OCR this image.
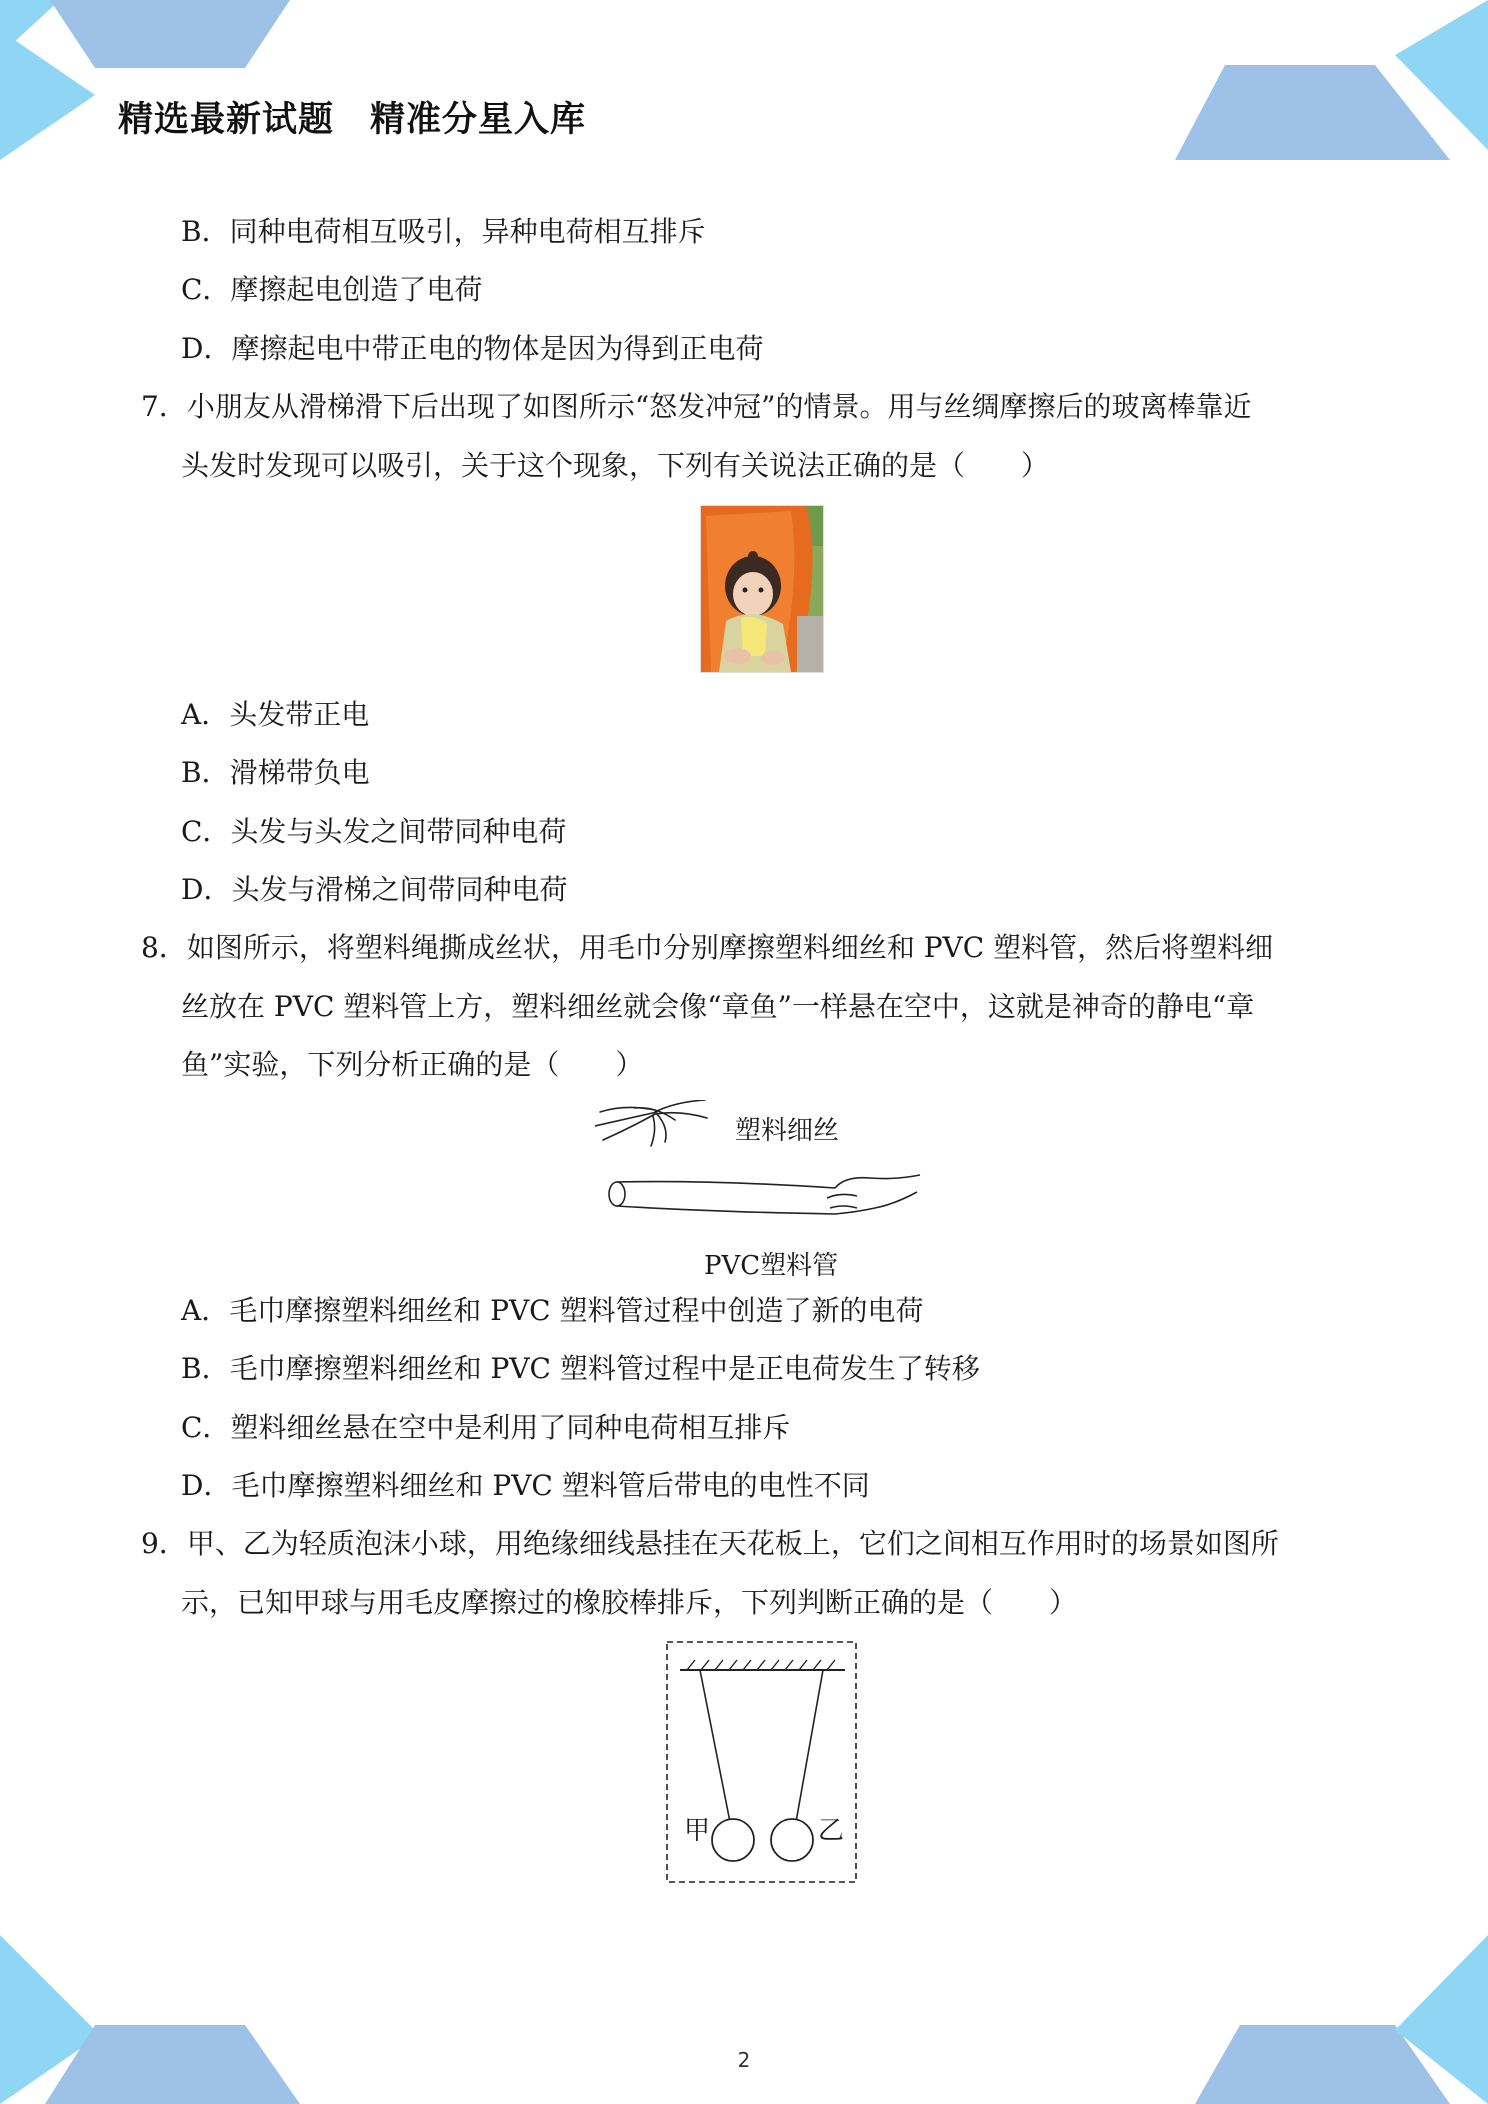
精选最新试题　精准分星入库
B．同种电荷相互吸引，异种电荷相互排斥
C．摩擦起电创造了电荷
D．摩擦起电中带正电的物体是因为得到正电荷
7．小朋友从滑梯滑下后出现了如图所示“怒发冲冠”的情景。用与丝绸摩擦后的玻离棒靠近
头发时发现可以吸引，关于这个现象，下列有关说法正确的是（　　）
A．头发带正电
B．滑梯带负电
C．头发与头发之间带同种电荷
D．头发与滑梯之间带同种电荷
8．如图所示，将塑料绳撕成丝状，用毛巾分别摩擦塑料细丝和 PVC 塑料管，然后将塑料细
丝放在 PVC 塑料管上方，塑料细丝就会像“章鱼”一样悬在空中，这就是神奇的静电“章
鱼”实验，下列分析正确的是（　　）
塑料细丝
PVC塑料管
A．毛巾摩擦塑料细丝和 PVC 塑料管过程中创造了新的电荷
B．毛巾摩擦塑料细丝和 PVC 塑料管过程中是正电荷发生了转移
C．塑料细丝悬在空中是利用了同种电荷相互排斥
D．毛巾摩擦塑料细丝和 PVC 塑料管后带电的电性不同
9．甲、乙为轻质泡沫小球，用绝缘细线悬挂在天花板上，它们之间相互作用时的场景如图所
示，已知甲球与用毛皮摩擦过的橡胶棒排斥，下列判断正确的是（　　）
甲	乙
2
